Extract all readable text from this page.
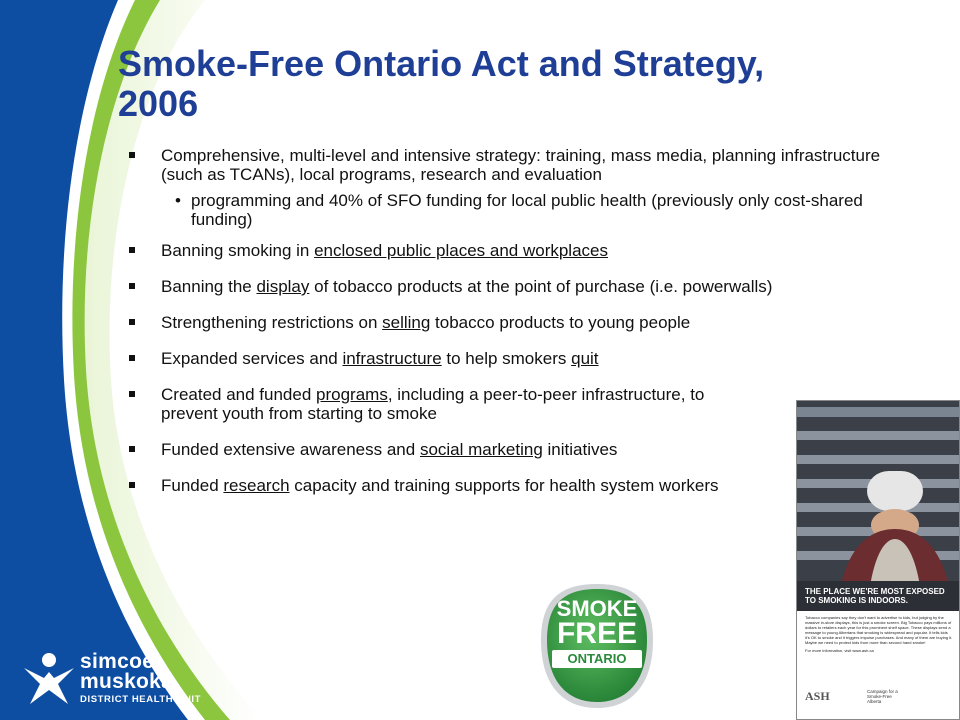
Smoke-Free Ontario Act and Strategy, 2006
Comprehensive, multi-level and intensive strategy: training, mass media, planning infrastructure (such as TCANs), local programs, research and evaluation
• programming and 40% of SFO funding for local public health (previously only cost-shared funding)
Banning smoking in enclosed public places and workplaces
Banning the display of tobacco products at the point of purchase (i.e. powerwalls)
Strengthening restrictions on selling tobacco products to young people
Expanded services and infrastructure to help smokers quit
Created and funded programs, including a peer-to-peer infrastructure, to prevent youth from starting to smoke
Funded extensive awareness and social marketing initiatives
Funded research capacity and training supports for health system workers
simcoe
muskoka
DISTRICT HEALTH UNIT
SMOKE
FREE
ONTARIO
THE PLACE WE'RE MOST EXPOSED TO SMOKING IS INDOORS.
Tobacco companies say they don't want to advertise to kids, but judging by the massive in-store displays, this is just a smoke screen. Big Tobacco pays millions of dollars to retailers each year for this prominent shelf space. These displays send a message to young Albertans that smoking is widespread and popular. It tells kids it's OK to smoke and it triggers impulse purchases. And many of them are buying it. Maybe we need to protect kids from more than second hand smoke!
For more information, visit www.ash.ca
ASH	Campaign for a Smoke-Free Alberta
